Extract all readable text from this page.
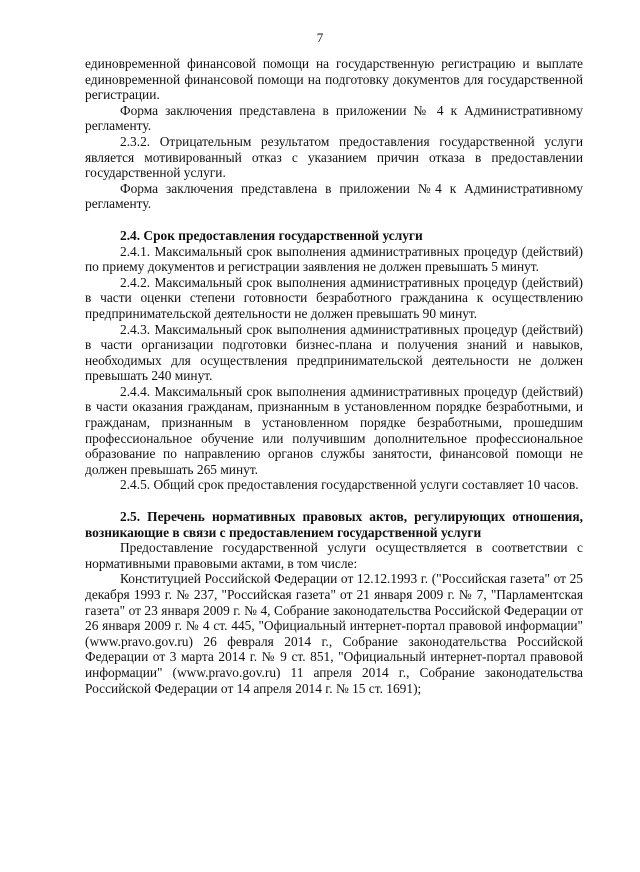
7

единовременной финансовой помощи на государственную регистрацию и выплате единовременной финансовой помощи на подготовку документов для государственной регистрации.

Форма заключения представлена в приложении № 4 к Административному регламенту.

2.3.2. Отрицательным результатом предоставления государственной услуги является мотивированный отказ с указанием причин отказа в предоставлении государственной услуги.

Форма заключения представлена в приложении №4 к Административному регламенту.

2.4. Срок предоставления государственной услуги

2.4.1. Максимальный срок выполнения административных процедур (действий) по приему документов и регистрации заявления не должен превышать 5 минут.

2.4.2. Максимальный срок выполнения административных процедур (действий) в части оценки степени готовности безработного гражданина к осуществлению предпринимательской деятельности не должен превышать 90 минут.

2.4.3. Максимальный срок выполнения административных процедур (действий) в части организации подготовки бизнес-плана и получения знаний и навыков, необходимых для осуществления предпринимательской деятельности не должен превышать 240 минут.

2.4.4. Максимальный срок выполнения административных процедур (действий) в части оказания гражданам, признанным в установленном порядке безработными, и гражданам, признанным в установленном порядке безработными, прошедшим профессиональное обучение или получившим дополнительное профессиональное образование по направлению органов службы занятости, финансовой помощи не должен превышать 265 минут.

2.4.5. Общий срок предоставления государственной услуги составляет 10 часов.

2.5. Перечень нормативных правовых актов, регулирующих отношения, возникающие в связи с предоставлением государственной услуги

Предоставление государственной услуги осуществляется в соответствии с нормативными правовыми актами, в том числе:

Конституцией Российской Федерации от 12.12.1993 г. ("Российская газета" от 25 декабря 1993 г. № 237, "Российская газета" от 21 января 2009 г. № 7, "Парламентская газета" от 23 января 2009 г. № 4, Собрание законодательства Российской Федерации от 26 января 2009 г. № 4 ст. 445, "Официальный интернет-портал правовой информации" (www.pravo.gov.ru) 26 февраля 2014 г., Собрание законодательства Российской Федерации от 3 марта 2014 г. № 9 ст. 851, "Официальный интернет-портал правовой информации" (www.pravo.gov.ru) 11 апреля 2014 г., Собрание законодательства Российской Федерации от 14 апреля 2014 г. № 15 ст. 1691);
